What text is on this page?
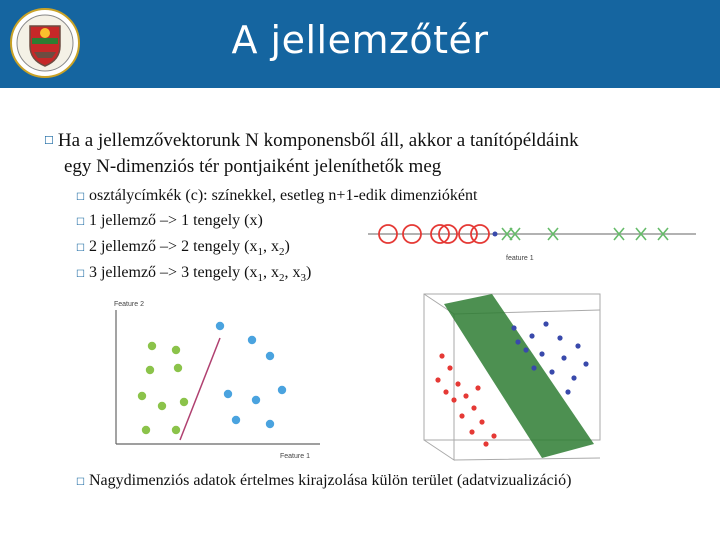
A jellemzőtér
☐ Ha a jellemzővektorunk N komponensből áll, akkor a tanítópéldáink
egy N-dimenziós tér pontjaiként jeleníthetők meg
☐ osztálycímkék (c): színekkel, esetleg n+1-edik dimenzióként
☐ 1 jellemző –> 1 tengely (x)
☐ 2 jellemző –> 2 tengely ($x_1$, $x_2$)
☐ 3 jellemző –> 3 tengely ($x_1$, $x_2$, $x_3$)
feature 1
Feature 2
Feature 1
☐ Nagydimenziós adatok értelmes kirajzolása külön terület (adatvizualizáció)
